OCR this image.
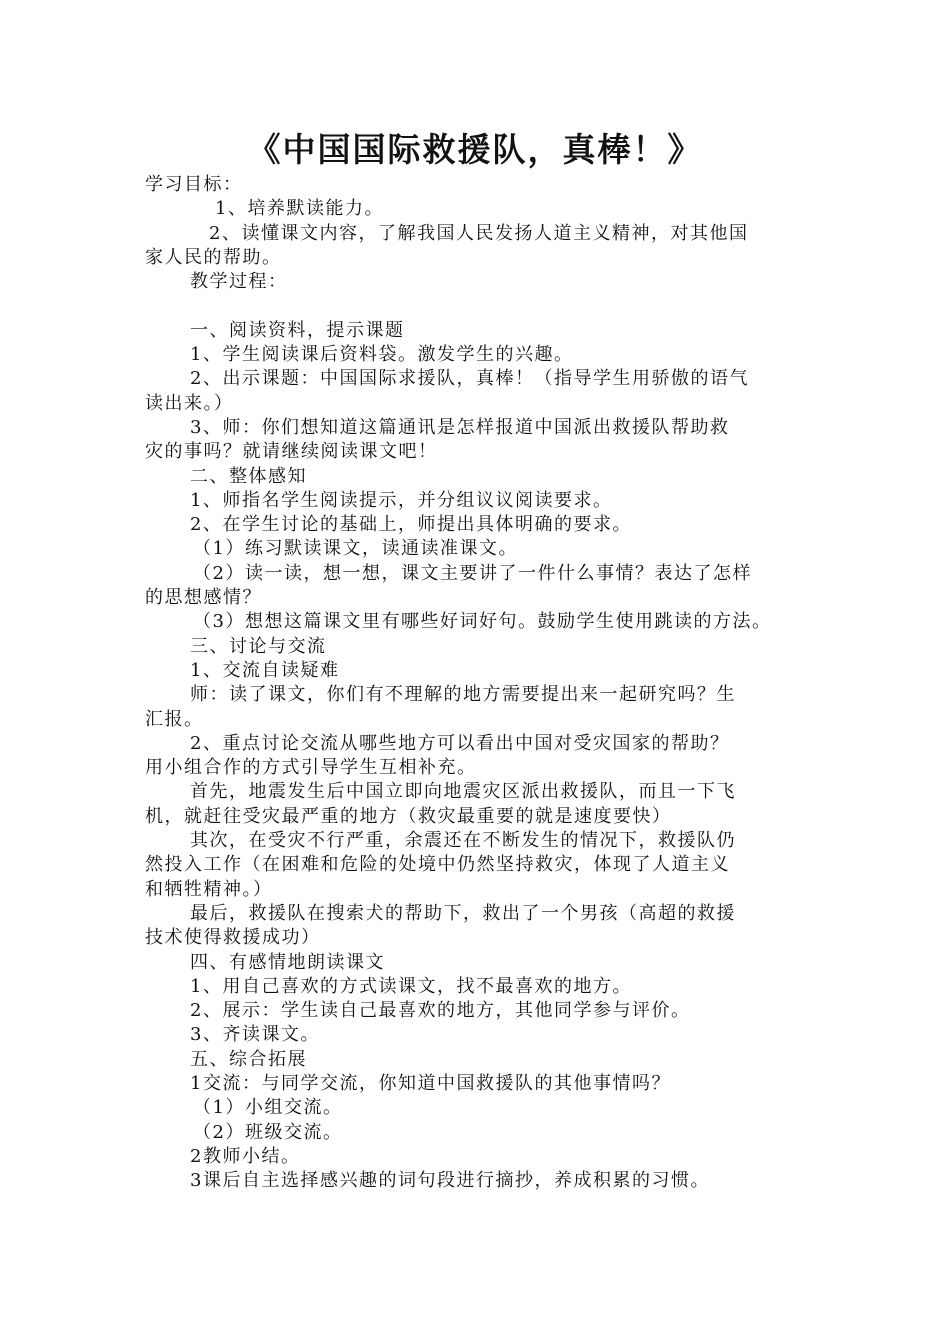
《中国国际救援队，真棒！》
学习目标：
1、培养默读能力。
2、读懂课文内容，了解我国人民发扬人道主义精神，对其他国
家人民的帮助。
教学过程：
一、阅读资料，提示课题
1、学生阅读课后资料袋。激发学生的兴趣。
2、出示课题：中国国际求援队，真棒！（指导学生用骄傲的语气
读出来。）
3、师：你们想知道这篇通讯是怎样报道中国派出救援队帮助救
灾的事吗？就请继续阅读课文吧！
二、整体感知
1、师指名学生阅读提示，并分组议议阅读要求。
2、在学生讨论的基础上，师提出具体明确的要求。
（1）练习默读课文，读通读准课文。
（2）读一读，想一想，课文主要讲了一件什么事情？表达了怎样
的思想感情？
（3）想想这篇课文里有哪些好词好句。鼓励学生使用跳读的方法。
三、讨论与交流
1、交流自读疑难
师：读了课文，你们有不理解的地方需要提出来一起研究吗？生
汇报。
2、重点讨论交流从哪些地方可以看出中国对受灾国家的帮助？
用小组合作的方式引导学生互相补充。
首先，地震发生后中国立即向地震灾区派出救援队，而且一下飞
机，就赶往受灾最严重的地方（救灾最重要的就是速度要快）
其次，在受灾不行严重，余震还在不断发生的情况下，救援队仍
然投入工作（在困难和危险的处境中仍然坚持救灾，体现了人道主义
和牺牲精神。）
最后，救援队在搜索犬的帮助下，救出了一个男孩（高超的救援
技术使得救援成功）
四、有感情地朗读课文
1、用自己喜欢的方式读课文，找不最喜欢的地方。
2、展示：学生读自己最喜欢的地方，其他同学参与评价。
3、齐读课文。
五、综合拓展
1交流：与同学交流，你知道中国救援队的其他事情吗？
（1）小组交流。
（2）班级交流。
2教师小结。
3课后自主选择感兴趣的词句段进行摘抄，养成积累的习惯。
